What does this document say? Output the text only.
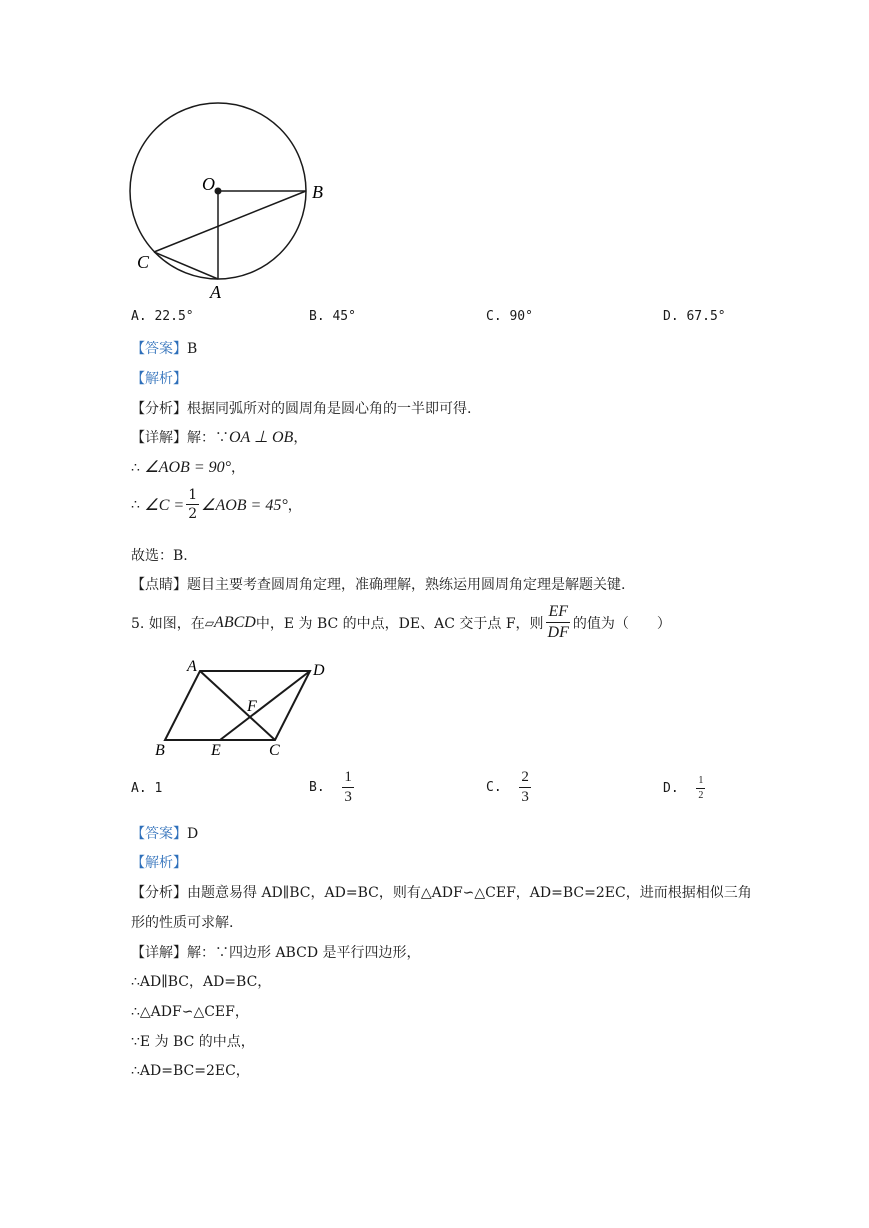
O	B
C
A
A. 22.5°	B. 45°	C. 90°	D. 67.5°
【答案】B
【解析】
【分析】根据同弧所对的圆周角是圆心角的一半即可得.
【详解】解：∵OA ⊥ OB，
∴ ∠AOB = 90°，
∴
∠C = $\frac{1}{2}$ ∠AOB = 45° ，
故选：B.
【点睛】题目主要考查圆周角定理，准确理解，熟练运用圆周角定理是解题关键.
5. 如图，在 ▱ ABCD 中，E 为 BC 的中点，DE、AC 交于点 F，则 $\frac{EF}{DF}$ 的值为（　　）
A	D
F
B	E	C
A. 1	B.
$\frac{1}{3}$	C.
$\frac{2}{3}$	D.
$\frac{1}{2}$
【答案】D
【解析】
【分析】由题意易得 AD∥BC，AD=BC，则有△ADF∽△CEF，AD=BC=2EC，进而根据相似三角
形的性质可求解.
【详解】解：∵四边形 ABCD 是平行四边形，
∴AD∥BC，AD=BC，
∴△ADF∽△CEF，
∵E 为 BC 的中点，
∴AD=BC=2EC，
